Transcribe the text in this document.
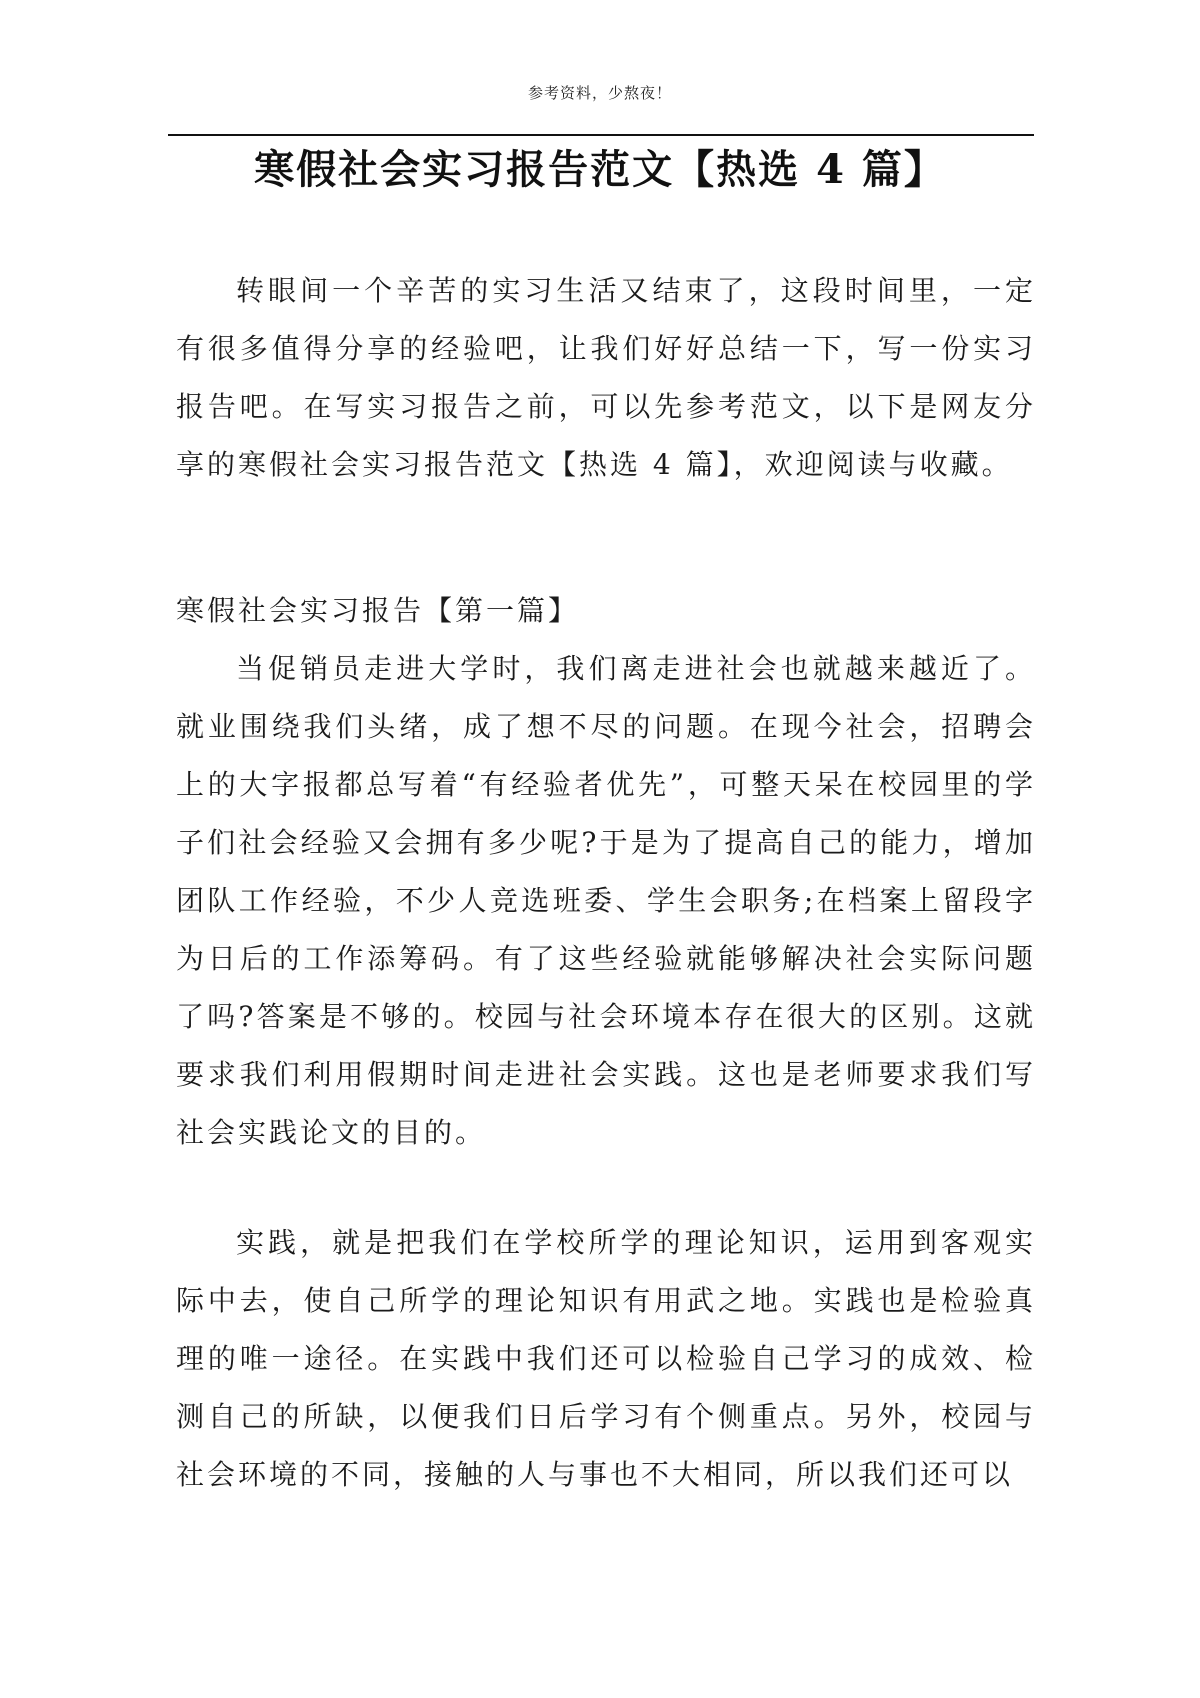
参考资料，少熬夜！
寒假社会实习报告范文【热选 4 篇】

转眼间一个辛苦的实习生活又结束了，这段时间里，一定有很多值得分享的经验吧，让我们好好总结一下，写一份实习报告吧。在写实习报告之前，可以先参考范文，以下是网友分享的寒假社会实习报告范文【热选 4 篇】，欢迎阅读与收藏。

寒假社会实习报告【第一篇】

当促销员走进大学时，我们离走进社会也就越来越近了。就业围绕我们头绪，成了想不尽的问题。在现今社会，招聘会上的大字报都总写着“有经验者优先”，可整天呆在校园里的学子们社会经验又会拥有多少呢?于是为了提高自己的能力，增加团队工作经验，不少人竞选班委、学生会职务;在档案上留段字为日后的工作添筹码。有了这些经验就能够解决社会实际问题了吗?答案是不够的。校园与社会环境本存在很大的区别。这就要求我们利用假期时间走进社会实践。这也是老师要求我们写社会实践论文的目的。

实践，就是把我们在学校所学的理论知识，运用到客观实际中去，使自己所学的理论知识有用武之地。实践也是检验真理的唯一途径。在实践中我们还可以检验自己学习的成效、检测自己的所缺，以便我们日后学习有个侧重点。另外，校园与社会环境的不同，接触的人与事也不大相同，所以我们还可以
